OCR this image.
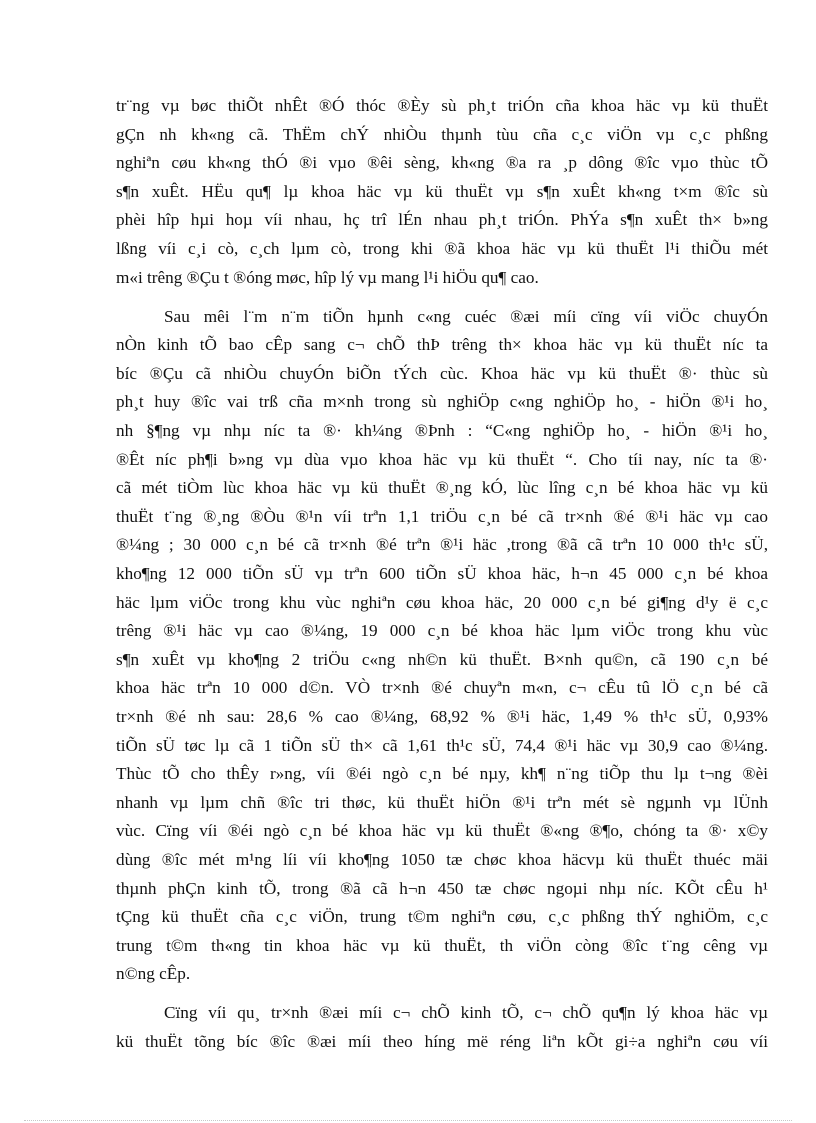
tr¨ng vµ bøc thiÕt nhÊt ®Ó thóc ®Èy sù ph¸t triÓn cña khoa häc vµ kü thuËt
gÇn nh kh«ng cã. ThËm chÝ nhiÒu thµnh tùu cña c¸c viÖn vµ c¸c phßng
nghiªn cøu kh«ng thÓ ®i vµo ®êi sèng, kh«ng ®a ra ¸p dông ®îc vµo thùc tÕ
s¶n xuÊt. HËu qu¶ lµ khoa häc vµ kü thuËt vµ s¶n xuÊt kh«ng t×m ®îc sù
phèi hîp hµi hoµ víi nhau, hç trî lÉn nhau ph¸t triÓn. PhÝa s¶n xuÊt th× b»ng
lßng víi c¸i cò, c¸ch lµm cò, trong khi ®ã khoa häc vµ kü thuËt l¹i thiÕu mét
m«i trêng ®Çu t ®óng møc, hîp lý vµ mang l¹i hiÖu qu¶ cao.
Sau mêi l¨m n¨m tiÕn hµnh c«ng cuéc ®æi míi cïng víi viÖc chuyÓn
nÒn kinh tÕ bao cÊp sang c¬ chÕ thÞ trêng th× khoa häc vµ kü thuËt níc ta
bíc ®Çu cã nhiÒu chuyÓn biÕn tÝch cùc. Khoa häc vµ kü thuËt ®· thùc sù
ph¸t huy ®îc vai trß cña m×nh trong sù nghiÖp c«ng nghiÖp ho¸ - hiÖn ®¹i ho¸
nh §¶ng vµ nhµ níc ta ®· kh¼ng ®Þnh : “C«ng nghiÖp ho¸ - hiÖn ®¹i ho¸
®Êt níc ph¶i b»ng vµ dùa vµo khoa häc vµ kü thuËt “. Cho tíi nay, níc ta ®·
cã mét tiÒm lùc khoa häc vµ kü thuËt ®¸ng kÓ, lùc lîng c¸n bé khoa häc vµ kü
thuËt t¨ng ®¸ng ®Òu ®¹n víi trªn 1,1 triÖu c¸n bé cã tr×nh ®é ®¹i häc vµ cao
®¼ng ; 30 000 c¸n bé cã tr×nh ®é trªn ®¹i häc ,trong ®ã cã trªn 10 000 th¹c sÜ,
kho¶ng 12 000 tiÕn sÜ vµ trªn 600 tiÕn sÜ khoa häc, h¬n 45 000 c¸n bé khoa
häc lµm viÖc trong khu vùc nghiªn cøu khoa häc, 20 000 c¸n bé gi¶ng d¹y ë c¸c
trêng ®¹i häc vµ cao ®¼ng, 19 000 c¸n bé khoa häc lµm viÖc trong khu vùc
s¶n xuÊt vµ kho¶ng 2 triÖu c«ng nh©n kü thuËt. B×nh qu©n, cã 190 c¸n bé
khoa häc trªn 10 000 d©n. VÒ tr×nh ®é chuyªn m«n, c¬ cÊu tû lÖ c¸n bé cã
tr×nh ®é nh sau: 28,6 % cao ®¼ng, 68,92 % ®¹i häc, 1,49 % th¹c sÜ, 0,93%
tiÕn sÜ tøc lµ cã 1 tiÕn sÜ th× cã 1,61 th¹c sÜ, 74,4 ®¹i häc vµ 30,9 cao ®¼ng.
Thùc tÕ cho thÊy r»ng, víi ®éi ngò c¸n bé nµy, kh¶ n¨ng tiÕp thu lµ t¬ng ®èi
nhanh vµ lµm chñ ®îc tri thøc, kü thuËt hiÖn ®¹i trªn mét sè ngµnh vµ lÜnh
vùc. Cïng víi ®éi ngò c¸n bé khoa häc vµ kü thuËt ®«ng ®¶o, chóng ta ®· x©y
dùng ®îc mét m¹ng líi víi kho¶ng 1050 tæ chøc khoa häcvµ kü thuËt thuéc mäi
thµnh phÇn kinh tÕ, trong ®ã cã h¬n 450 tæ chøc ngoµi nhµ níc. KÕt cÊu h¹
tÇng kü thuËt cña c¸c viÖn, trung t©m nghiªn cøu, c¸c phßng thÝ nghiÖm, c¸c
trung t©m th«ng tin khoa häc vµ kü thuËt, th viÖn còng ®îc t¨ng cêng vµ
n©ng cÊp.
Cïng víi qu¸ tr×nh ®æi míi c¬ chÕ kinh tÕ, c¬ chÕ qu¶n lý khoa häc vµ
kü thuËt tõng bíc ®îc ®æi míi theo híng më réng liªn kÕt gi÷a nghiªn cøu víi
